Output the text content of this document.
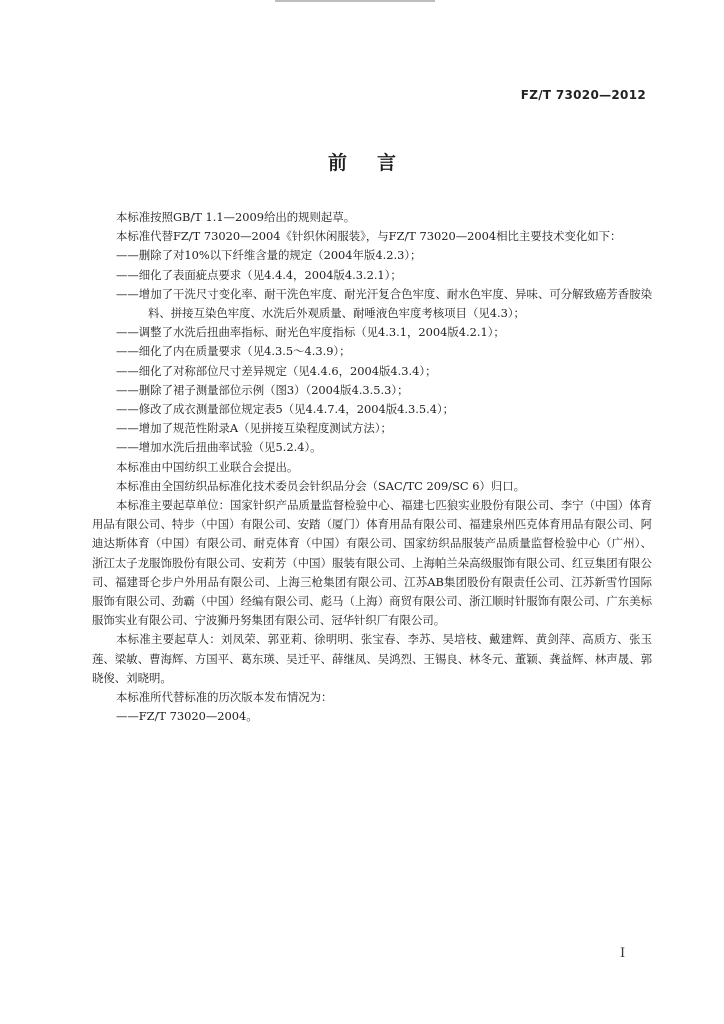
FZ/T 73020—2012
前言

本标准按照GB/T 1.1—2009给出的规则起草。

本标准代替FZ/T 73020—2004《针织休闲服装》，与FZ/T 73020—2004相比主要技术变化如下：

——删除了对10%以下纤维含量的规定（2004年版4.2.3）；

——细化了表面疵点要求（见4.4.4，2004版4.3.2.1）；

——增加了干洗尺寸变化率、耐干洗色牢度、耐光汗复合色牢度、耐水色牢度、异味、可分解致癌芳香胺染料、拼接互染色牢度、水洗后外观质量、耐唾液色牢度考核项目（见4.3）；

——调整了水洗后扭曲率指标、耐光色牢度指标（见4.3.1，2004版4.2.1）；

——细化了内在质量要求（见4.3.5～4.3.9）；

——细化了对称部位尺寸差异规定（见4.4.6，2004版4.3.4）；

——删除了裙子测量部位示例（图3）（2004版4.3.5.3）；

——修改了成衣测量部位规定表5（见4.4.7.4，2004版4.3.5.4）；

——增加了规范性附录A（见拼接互染程度测试方法）；

——增加水洗后扭曲率试验（见5.2.4）。

本标准由中国纺织工业联合会提出。

本标准由全国纺织品标准化技术委员会针织品分会（SAC/TC 209/SC 6）归口。

本标准主要起草单位：国家针织产品质量监督检验中心、福建七匹狼实业股份有限公司、李宁（中国）体育用品有限公司、特步（中国）有限公司、安踏（厦门）体育用品有限公司、福建泉州匹克体育用品有限公司、阿迪达斯体育（中国）有限公司、耐克体育（中国）有限公司、国家纺织品服装产品质量监督检验中心（广州）、浙江太子龙服饰股份有限公司、安莉芳（中国）服装有限公司、上海帕兰朵高级服饰有限公司、红豆集团有限公司、福建哥仑步户外用品有限公司、上海三枪集团有限公司、江苏AB集团股份有限责任公司、江苏新雪竹国际服饰有限公司、劲霸（中国）经编有限公司、彪马（上海）商贸有限公司、浙江顺时针服饰有限公司、广东美标服饰实业有限公司、宁波狮丹努集团有限公司、冠华针织厂有限公司。

本标准主要起草人：刘凤荣、郭亚莉、徐明明、张宝春、李苏、吴培枝、戴建辉、黄剑萍、高质方、张玉莲、梁敏、曹海辉、方国平、葛东瑛、吴迁平、薛继凤、吴鸿烈、王锡良、林冬元、董颖、龚益辉、林声晟、郭晓俊、刘晓明。

本标准所代替标准的历次版本发布情况为：

——FZ/T 73020—2004。

I
